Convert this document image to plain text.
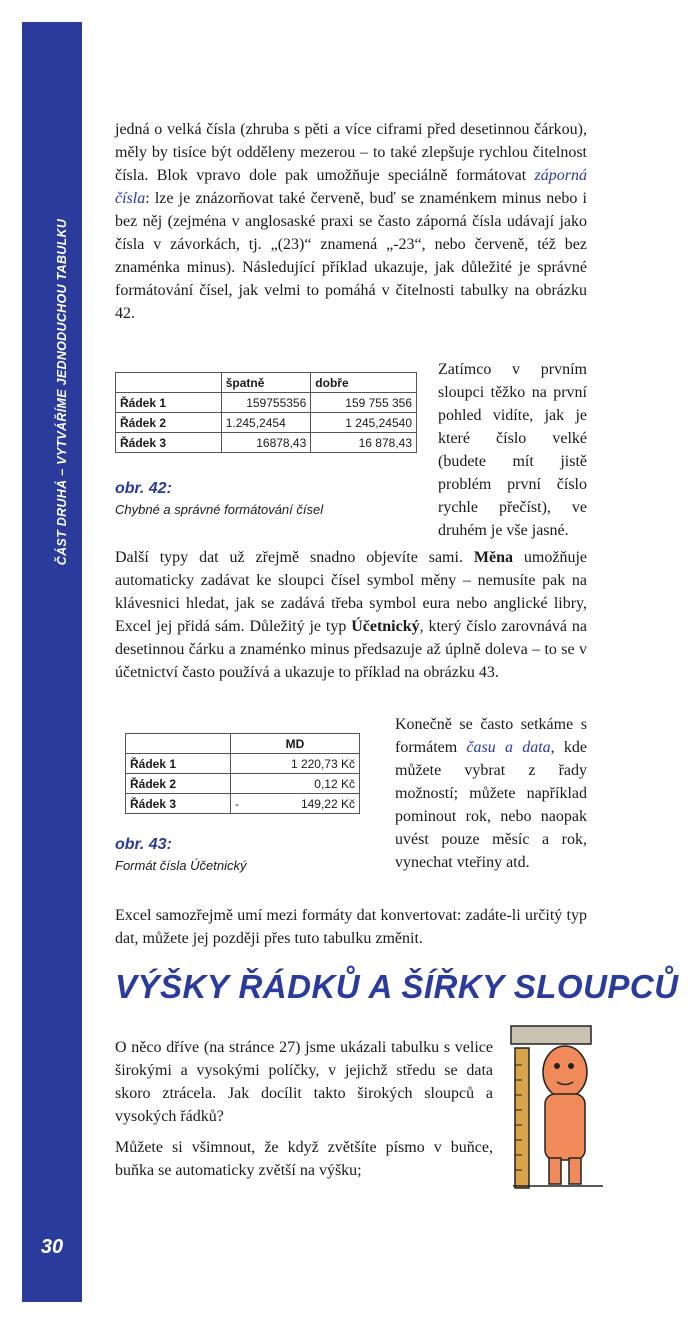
ČÁST DRUHÁ – VYTVÁŘÍME JEDNODUCHOU TABULKU
30

jedná o velká čísla (zhruba s pěti a více ciframi před desetinnou čárkou), měly by tisíce být odděleny mezerou – to také zlepšuje rychlou čitelnost čísla. Blok vpravo dole pak umožňuje speciálně formátovat záporná čísla: lze je znázorňovat také červeně, buď se znaménkem minus nebo i bez něj (zejména v anglosaské praxi se často záporná čísla udávají jako čísla v závorkách, tj. „(23)“ znamená „-23“, nebo červeně, též bez znaménka minus). Následující příklad ukazuje, jak důležité je správné formátování čísel, jak velmi to pomáhá v čitelnosti tabulky na obrázku 42.

	špatně	dobře
Řádek 1	159755356	159 755 356
Řádek 2	1.245,2454	1 245,24540
Řádek 3	16878,43	16 878,43
obr. 42:
Chybné a správné formátování čísel
Zatímco v prvním sloupci těžko na první pohled vidíte, jak je které číslo velké (budete mít jistě problém první číslo rychle přečíst), ve druhém je vše jasné.

Další typy dat už zřejmě snadno objevíte sami. Měna umožňuje automaticky zadávat ke sloupci čísel symbol měny – nemusíte pak na klávesnici hledat, jak se zadává třeba symbol eura nebo anglické libry, Excel jej přidá sám. Důležitý je typ Účetnický, který číslo zarovnává na desetinnou čárku a znaménko minus předsazuje až úplně doleva – to se v účetnictví často používá a ukazuje to příklad na obrázku 43.

	MD	
Řádek 1		1 220,73 Kč
Řádek 2		0,12 Kč
Řádek 3	-	149,22 Kč
obr. 43:
Formát čísla Účetnický
Konečně se často setkáme s formátem času a data, kde můžete vybrat z řady možností; můžete například pominout rok, nebo naopak uvést pouze měsíc a rok, vynechat vteřiny atd.

Excel samozřejmě umí mezi formáty dat konvertovat: zadáte-li určitý typ dat, můžete jej později přes tuto tabulku změnit.

VÝŠKY ŘÁDKŮ A ŠÍŘKY SLOUPCŮ

O něco dříve (na stránce 27) jsme ukázali tabulku s velice širokými a vysokými políčky, v jejichž středu se data skoro ztrácela. Jak docílit takto širokých sloupců a vysokých řádků?

Můžete si všimnout, že když zvětšíte písmo v buňce, buňka se automaticky zvětší na výšku;
